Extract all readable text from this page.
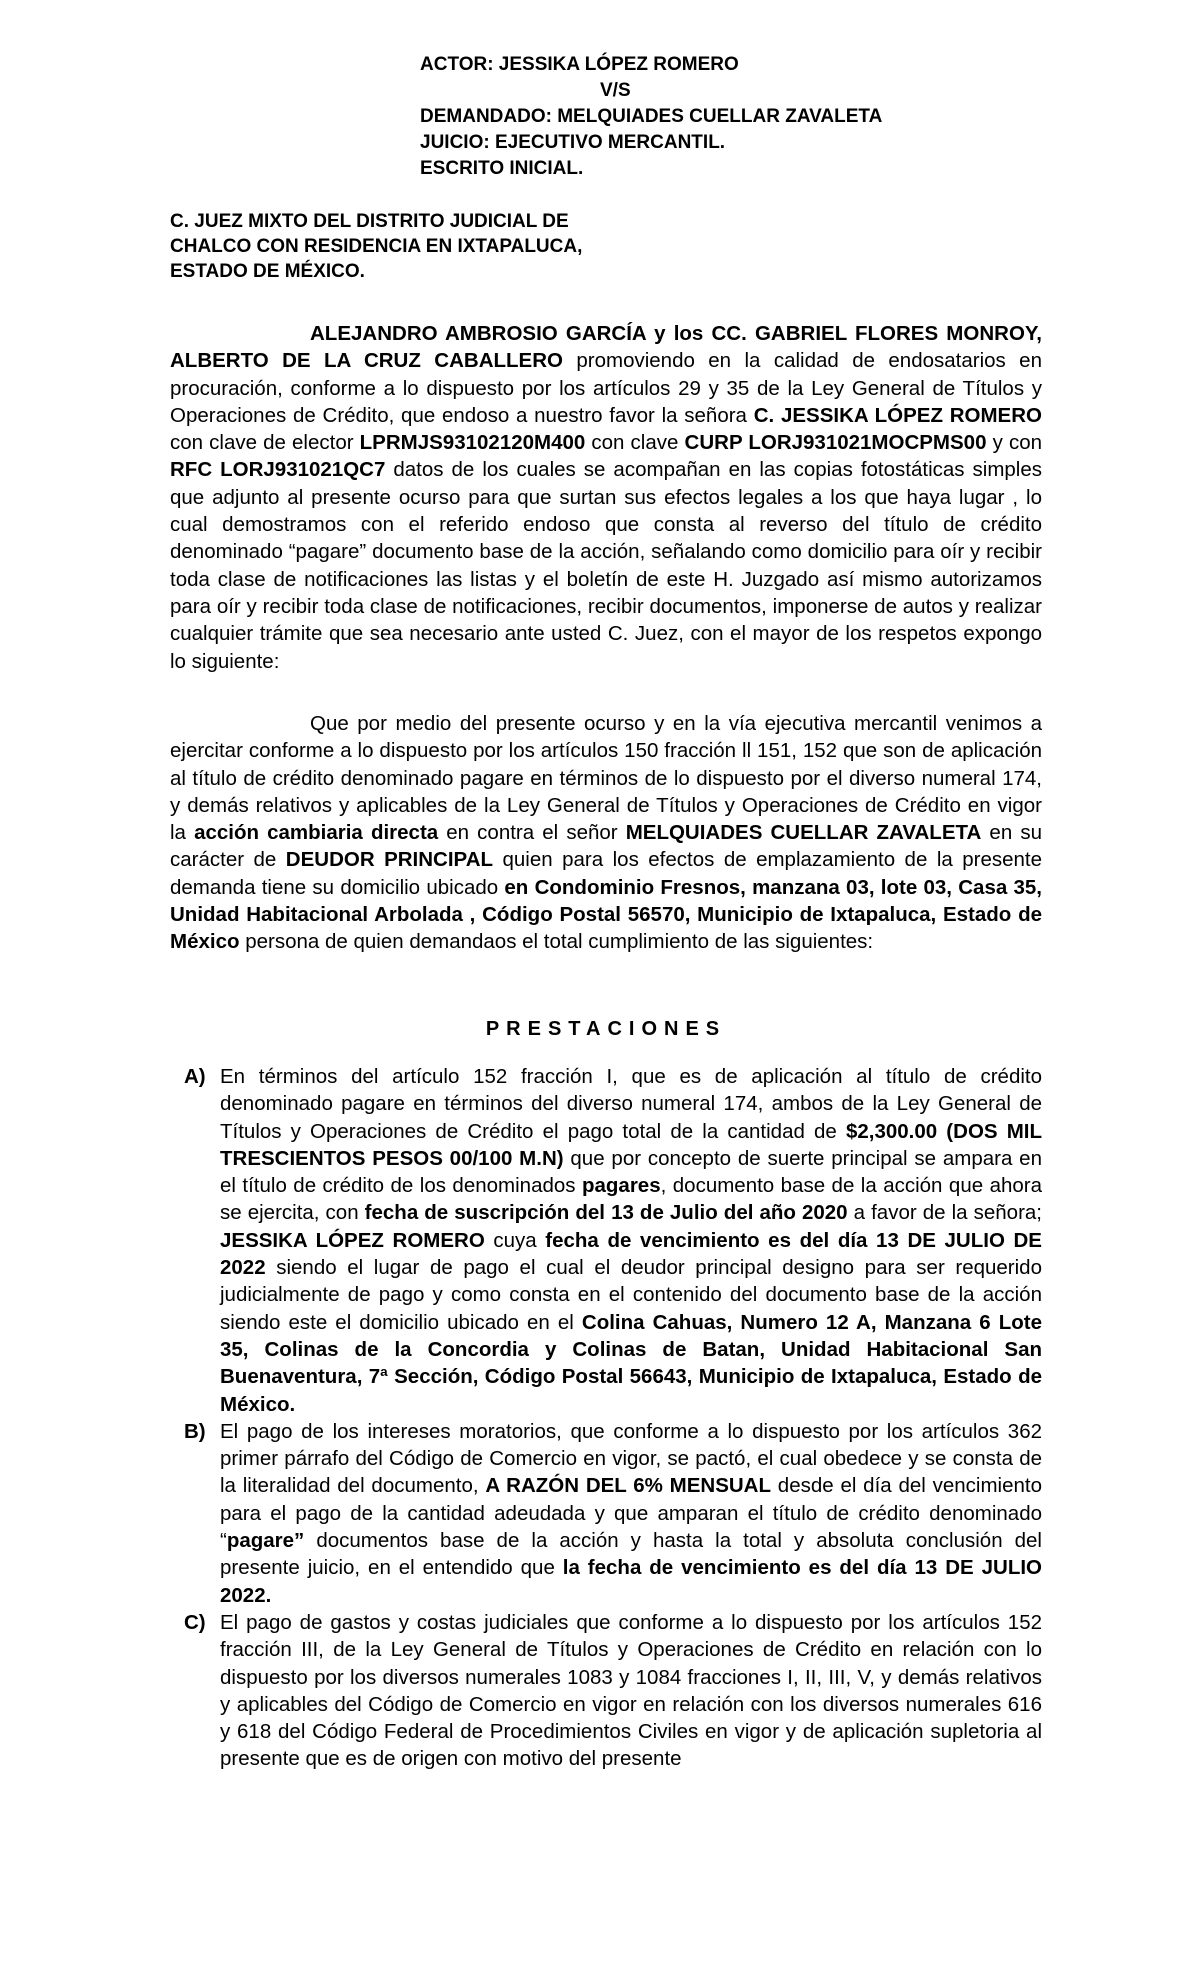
ACTOR: JESSIKA LÓPEZ ROMERO
V/S
DEMANDADO: MELQUIADES CUELLAR ZAVALETA
JUICIO: EJECUTIVO MERCANTIL.
ESCRITO INICIAL.
C. JUEZ MIXTO DEL DISTRITO JUDICIAL DE
CHALCO CON RESIDENCIA EN IXTAPALUCA,
ESTADO DE MÉXICO.

ALEJANDRO AMBROSIO GARCÍA y los CC. GABRIEL FLORES MONROY, ALBERTO DE LA CRUZ CABALLERO promoviendo en la calidad de endosatarios en procuración, conforme a lo dispuesto por los artículos 29 y 35 de la Ley General de Títulos y Operaciones de Crédito, que endoso a nuestro favor la señora C. JESSIKA LÓPEZ ROMERO con clave de elector LPRMJS93102120M400 con clave CURP LORJ931021MOCPMS00 y con RFC LORJ931021QC7 datos de los cuales se acompañan en las copias fotostáticas simples que adjunto al presente ocurso para que surtan sus efectos legales a los que haya lugar , lo cual demostramos con el referido endoso que consta al reverso del título de crédito denominado “pagare” documento base de la acción, señalando como domicilio para oír y recibir toda clase de notificaciones las listas y el boletín de este H. Juzgado así mismo autorizamos para oír y recibir toda clase de notificaciones, recibir documentos, imponerse de autos y realizar cualquier trámite que sea necesario ante usted C. Juez, con el mayor de los respetos expongo lo siguiente:

Que por medio del presente ocurso y en la vía ejecutiva mercantil venimos a ejercitar conforme a lo dispuesto por los artículos 150 fracción ll 151, 152 que son de aplicación al título de crédito denominado pagare en términos de lo dispuesto por el diverso numeral 174, y demás relativos y aplicables de la Ley General de Títulos y Operaciones de Crédito en vigor la acción cambiaria directa en contra el señor MELQUIADES CUELLAR ZAVALETA en su carácter de DEUDOR PRINCIPAL quien para los efectos de emplazamiento de la presente demanda tiene su domicilio ubicado en Condominio Fresnos, manzana 03, lote 03, Casa 35, Unidad Habitacional Arbolada , Código Postal 56570, Municipio de Ixtapaluca, Estado de México persona de quien demandaos el total cumplimiento de las siguientes:

PRESTACIONES
A) En términos del artículo 152 fracción I, que es de aplicación al título de crédito denominado pagare en términos del diverso numeral 174, ambos de la Ley General de Títulos y Operaciones de Crédito el pago total de la cantidad de $2,300.00 (DOS MIL TRESCIENTOS PESOS 00/100 M.N) que por concepto de suerte principal se ampara en el título de crédito de los denominados pagares, documento base de la acción que ahora se ejercita, con fecha de suscripción del 13 de Julio del año 2020 a favor de la señora; JESSIKA LÓPEZ ROMERO cuya fecha de vencimiento es del día 13 DE JULIO DE 2022 siendo el lugar de pago el cual el deudor principal designo para ser requerido judicialmente de pago y como consta en el contenido del documento base de la acción siendo este el domicilio ubicado en el Colina Cahuas, Numero 12 A, Manzana 6 Lote 35, Colinas de la Concordia y Colinas de Batan, Unidad Habitacional San Buenaventura, 7ª Sección, Código Postal 56643, Municipio de Ixtapaluca, Estado de México.
B) El pago de los intereses moratorios, que conforme a lo dispuesto por los artículos 362 primer párrafo del Código de Comercio en vigor, se pactó, el cual obedece y se consta de la literalidad del documento, A RAZÓN DEL 6% MENSUAL desde el día del vencimiento para el pago de la cantidad adeudada y que amparan el título de crédito denominado “pagare” documentos base de la acción y hasta la total y absoluta conclusión del presente juicio, en el entendido que la fecha de vencimiento es del día 13 DE JULIO 2022.
C) El pago de gastos y costas judiciales que conforme a lo dispuesto por los artículos 152 fracción III, de la Ley General de Títulos y Operaciones de Crédito en relación con lo dispuesto por los diversos numerales 1083 y 1084 fracciones I, II, III, V, y demás relativos y aplicables del Código de Comercio en vigor en relación con los diversos numerales 616 y 618 del Código Federal de Procedimientos Civiles en vigor y de aplicación supletoria al presente que es de origen con motivo del presente
